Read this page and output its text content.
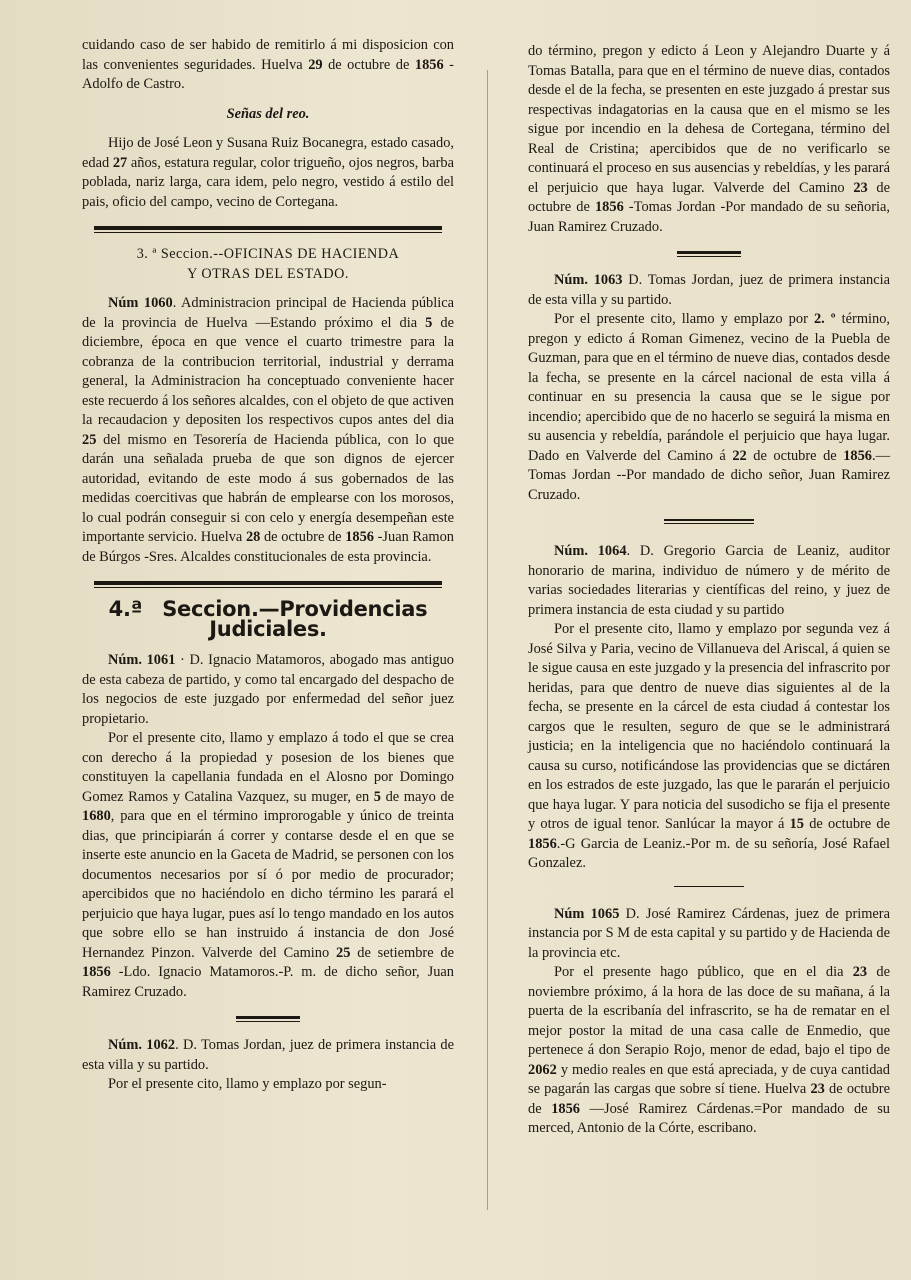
cuidando caso de ser habido de remitirlo á mi disposicion con las convenientes seguridades. Huelva 29 de octubre de 1856 -Adolfo de Castro.

Señas del reo.

Hijo de José Leon y Susana Ruiz Bocanegra, estado casado, edad 27 años, estatura regular, color trigueño, ojos negros, barba poblada, nariz larga, cara idem, pelo negro, vestido á estilo del pais, oficio del campo, vecino de Cortegana.

3. ª Seccion.--OFICINAS DE HACIENDA

Y OTRAS DEL ESTADO.

Núm 1060. Administracion principal de Hacienda pública de la provincia de Huelva —Estando próximo el dia 5 de diciembre, época en que vence el cuarto trimestre para la cobranza de la contribucion territorial, industrial y derrama general, la Administracion ha conceptuado conveniente hacer este recuerdo á los señores alcaldes, con el objeto de que activen la recaudacion y depositen los respectivos cupos antes del dia 25 del mismo en Tesorería de Hacienda pública, con lo que darán una señalada prueba de que son dignos de ejercer autoridad, evitando de este modo á sus gobernados de las medidas coercitivas que habrán de emplearse con los morosos, lo cual podrán conseguir si con celo y energía desempeñan este importante servicio. Huelva 28 de octubre de 1856 -Juan Ramon de Búrgos -Sres. Alcaldes constitucionales de esta provincia.

4.ª Seccion.—Providencias Judiciales.

Núm. 1061 · D. Ignacio Matamoros, abogado mas antiguo de esta cabeza de partido, y como tal encargado del despacho de los negocios de este juzgado por enfermedad del señor juez propietario.

Por el presente cito, llamo y emplazo á todo el que se crea con derecho á la propiedad y posesion de los bienes que constituyen la capellania fundada en el Alosno por Domingo Gomez Ramos y Catalina Vazquez, su muger, en 5 de mayo de 1680, para que en el término improrogable y único de treinta dias, que principiarán á correr y contarse desde el en que se inserte este anuncio en la Gaceta de Madrid, se personen con los documentos necesarios por sí ó por medio de procurador; apercibidos que no haciéndolo en dicho término les parará el perjuicio que haya lugar, pues así lo tengo mandado en los autos que sobre ello se han instruido á instancia de don José Hernandez Pinzon. Valverde del Camino 25 de setiembre de 1856 -Ldo. Ignacio Matamoros.-P. m. de dicho señor, Juan Ramirez Cruzado.

Núm. 1062. D. Tomas Jordan, juez de primera instancia de esta villa y su partido.

Por el presente cito, llamo y emplazo por segun-

do término, pregon y edicto á Leon y Alejandro Duarte y á Tomas Batalla, para que en el término de nueve dias, contados desde el de la fecha, se presenten en este juzgado á prestar sus respectivas indagatorias en la causa que en el mismo se les sigue por incendio en la dehesa de Cortegana, término del Real de Cristina; apercibidos que de no verificarlo se continuará el proceso en sus ausencias y rebeldías, y les parará el perjuicio que haya lugar. Valverde del Camino 23 de octubre de 1856 -Tomas Jordan -Por mandado de su señoria, Juan Ramirez Cruzado.

Núm. 1063 D. Tomas Jordan, juez de primera instancia de esta villa y su partido.

Por el presente cito, llamo y emplazo por 2. º término, pregon y edicto á Roman Gimenez, vecino de la Puebla de Guzman, para que en el término de nueve dias, contados desde la fecha, se presente en la cárcel nacional de esta villa á continuar en su presencia la causa que se le sigue por incendio; apercibido que de no hacerlo se seguirá la misma en su ausencia y rebeldía, parándole el perjuicio que haya lugar. Dado en Valverde del Camino á 22 de octubre de 1856.— Tomas Jordan --Por mandado de dicho señor, Juan Ramirez Cruzado.

Núm. 1064. D. Gregorio Garcia de Leaniz, auditor honorario de marina, individuo de número y de mérito de varias sociedades literarias y científicas del reino, y juez de primera instancia de esta ciudad y su partido

Por el presente cito, llamo y emplazo por segunda vez á José Silva y Paria, vecino de Villanueva del Ariscal, á quien se le sigue causa en este juzgado y la presencia del infrascrito por heridas, para que dentro de nueve dias siguientes al de la fecha, se presente en la cárcel de esta ciudad á contestar los cargos que le resulten, seguro de que se le administrará justicia; en la inteligencia que no haciéndolo continuará la causa su curso, notificándose las providencias que se dictáren en los estrados de este juzgado, las que le pararán el perjuicio que haya lugar. Y para noticia del susodicho se fija el presente y otros de igual tenor. Sanlúcar la mayor á 15 de octubre de 1856.-G Garcia de Leaniz.-Por m. de su señoría, José Rafael Gonzalez.

Núm 1065 D. José Ramirez Cárdenas, juez de primera instancia por S M de esta capital y su partido y de Hacienda de la provincia etc.

Por el presente hago público, que en el dia 23 de noviembre próximo, á la hora de las doce de su mañana, á la puerta de la escribanía del infrascrito, se ha de rematar en el mejor postor la mitad de una casa calle de Enmedio, que pertenece á don Serapio Rojo, menor de edad, bajo el tipo de 2062 y medio reales en que está apreciada, y de cuya cantidad se pagarán las cargas que sobre sí tiene. Huelva 23 de octubre de 1856 —José Ramirez Cárdenas.=Por mandado de su merced, Antonio de la Córte, escribano.
